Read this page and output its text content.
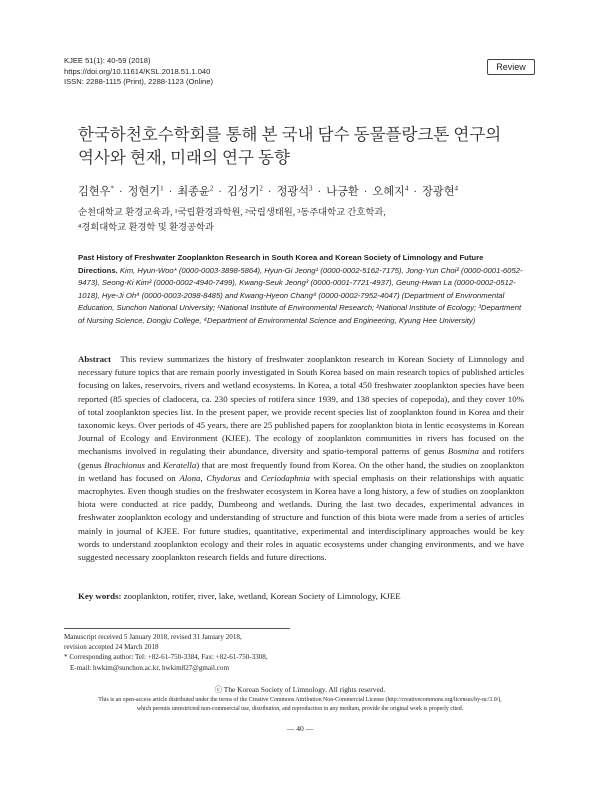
KJEE 51(1): 40-59 (2018)
https://doi.org/10.11614/KSL.2018.51.1.040
ISSN: 2288-1115 (Print), 2288-1123 (Online)
Review
한국하천호수학회를 통해 본 국내 담수 동물플랑크톤 연구의
역사와 현재, 미래의 연구 동향
김현우* · 정현기$^1$ · 최종윤$^2$ · 김성기$^2$ · 정광석$^3$ · 나긍환 · 오혜지$^4$ · 장광현$^4$
순천대학교 환경교육과, ¹국립환경과학원, ²국립생태원, ³동주대학교 간호학과,
⁴경희대학교 환경학 및 환경공학과
Past History of Freshwater Zooplankton Research in South Korea and Korean Society of Limnology and Future Directions. Kim, Hyun-Woo* (0000-0003-3898-5864), Hyun-Gi Jeong¹ (0000-0002-5162-7175), Jong-Yun Choi² (0000-0001-6052-9473), Seong-Ki Kim² (0000-0002-4940-7499), Kwang-Seuk Jeong³ (0000-0001-7721-4937), Geung-Hwan La (0000-0002-0512-1018), Hye-Ji Oh⁴ (0000-0003-2098-8485) and Kwang-Hyeon Chang⁴ (0000-0002-7952-4047) (Department of Environmental Education, Sunchon National University; ¹National Institute of Environmental Research; ²National Institute of Ecology; ³Department of Nursing Science, Dongju College, ⁴Department of Environmental Science and Engineering, Kyung Hee University)
Abstract This review summarizes the history of freshwater zooplankton research in Korean Society of Limnology and necessary future topics that are remain poorly investigated in South Korea based on main research topics of published articles focusing on lakes, reservoirs, rivers and wetland ecosystems. In Korea, a total 450 freshwater zooplankton species have been reported (85 species of cladocera, ca. 230 species of rotifera since 1939, and 138 species of copepoda), and they cover 10% of total zooplankton species list. In the present paper, we provide recent species list of zooplankton found in Korea and their taxonomic keys. Over periods of 45 years, there are 25 published papers for zooplankton biota in lentic ecosystems in Korean Journal of Ecology and Environment (KJEE). The ecology of zooplankton communities in rivers has focused on the mechanisms involved in regulating their abundance, diversity and spatio-temporal patterns of genus Bosmina and rotifers (genus Brachionus and Keratella) that are most frequently found from Korea. On the other hand, the studies on zooplankton in wetland has focused on Alona, Chydorus and Ceriodaphnia with special emphasis on their relationships with aquatic macrophytes. Even though studies on the freshwater ecosystem in Korea have a long history, a few of studies on zooplankton biota were conducted at rice paddy, Dumbeong and wetlands. During the last two decades, experimental advances in freshwater zooplankton ecology and understanding of structure and function of this biota were made from a series of articles mainly in journal of KJEE. For future studies, quantitative, experimental and interdisciplinary approaches would be key words to understand zooplankton ecology and their roles in aquatic ecosystems under changing environments, and we have suggested necessary zooplankton research fields and future directions.
Key words: zooplankton, rotifer, river, lake, wetland, Korean Society of Limnology, KJEE
Manuscript received 5 January 2018, revised 31 January 2018,
revision accepted 24 March 2018
* Corresponding author: Tel: +82-61-750-3384, Fax: +82-61-750-3308,
E-mail: hwkim@sunchon.ac.kr, hwkim827@gmail.com
ⓒ The Korean Society of Limnology. All rights reserved.
This is an open-access article distributed under the terms of the Creative Commons Attribution Non-Commercial License (http://creativecommons.org/licenses/by-nc/3.0/),
which permits unrestricted non-commercial use, distribution, and reproduction in any medium, provide the original work is properly cited.
— 40 —
